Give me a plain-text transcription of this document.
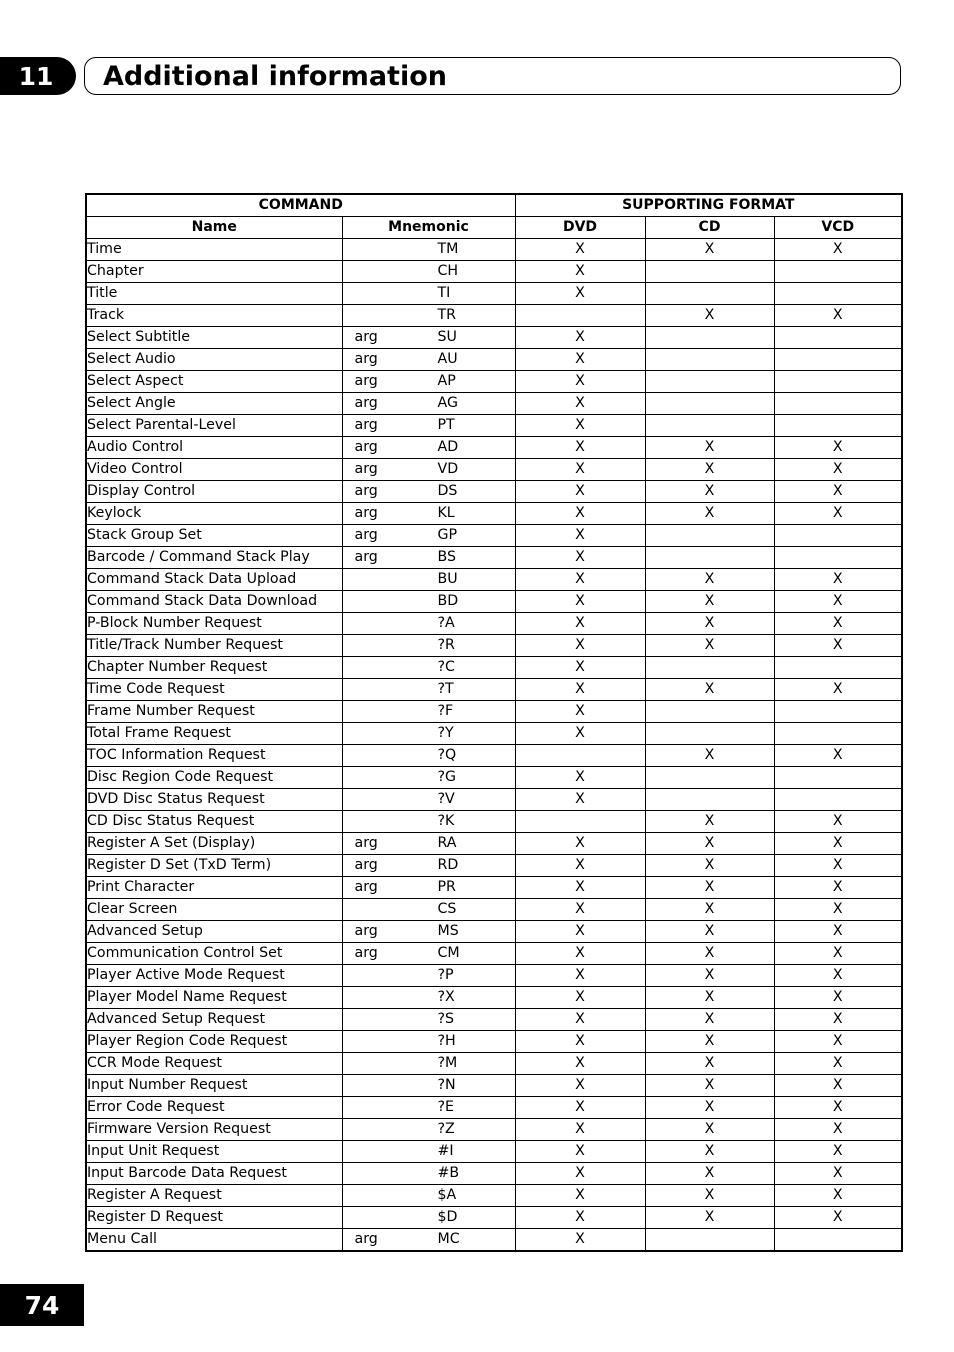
11	Additional information
COMMAND		SUPPORTING FORMAT		
Name	Mnemonic	DVD	CD	VCD
Time	TM	X	X	X
Chapter	CH	X		
Title	TI	X		
Track	TR		X	X
Select Subtitle	arg SU	X		
Select Audio	arg AU	X		
Select Aspect	arg AP	X		
Select Angle	arg AG	X		
Select Parental-Level	arg PT	X		
Audio Control	arg AD	X	X	X
Video Control	arg VD	X	X	X
Display Control	arg DS	X	X	X
Keylock	arg KL	X	X	X
Stack Group Set	arg GP	X		
Barcode / Command Stack Play	arg BS	X		
Command Stack Data Upload	BU	X	X	X
Command Stack Data Download	BD	X	X	X
P-Block Number Request	?A	X	X	X
Title/Track Number Request	?R	X	X	X
Chapter Number Request	?C	X		
Time Code Request	?T	X	X	X
Frame Number Request	?F	X		
Total Frame Request	?Y	X		
TOC Information Request	?Q		X	X
Disc Region Code Request	?G	X		
DVD Disc Status Request	?V	X		
CD Disc Status Request	?K		X	X
Register A Set (Display)	arg RA	X	X	X
Register D Set (TxD Term)	arg RD	X	X	X
Print Character	arg PR	X	X	X
Clear Screen	CS	X	X	X
Advanced Setup	arg MS	X	X	X
Communication Control Set	arg CM	X	X	X
Player Active Mode Request	?P	X	X	X
Player Model Name Request	?X	X	X	X
Advanced Setup Request	?S	X	X	X
Player Region Code Request	?H	X	X	X
CCR Mode Request	?M	X	X	X
Input Number Request	?N	X	X	X
Error Code Request	?E	X	X	X
Firmware Version Request	?Z	X	X	X
Input Unit Request	#I	X	X	X
Input Barcode Data Request	#B	X	X	X
Register A Request	$A	X	X	X
Register D Request	$D	X	X	X
Menu Call	arg MC	X		
74
